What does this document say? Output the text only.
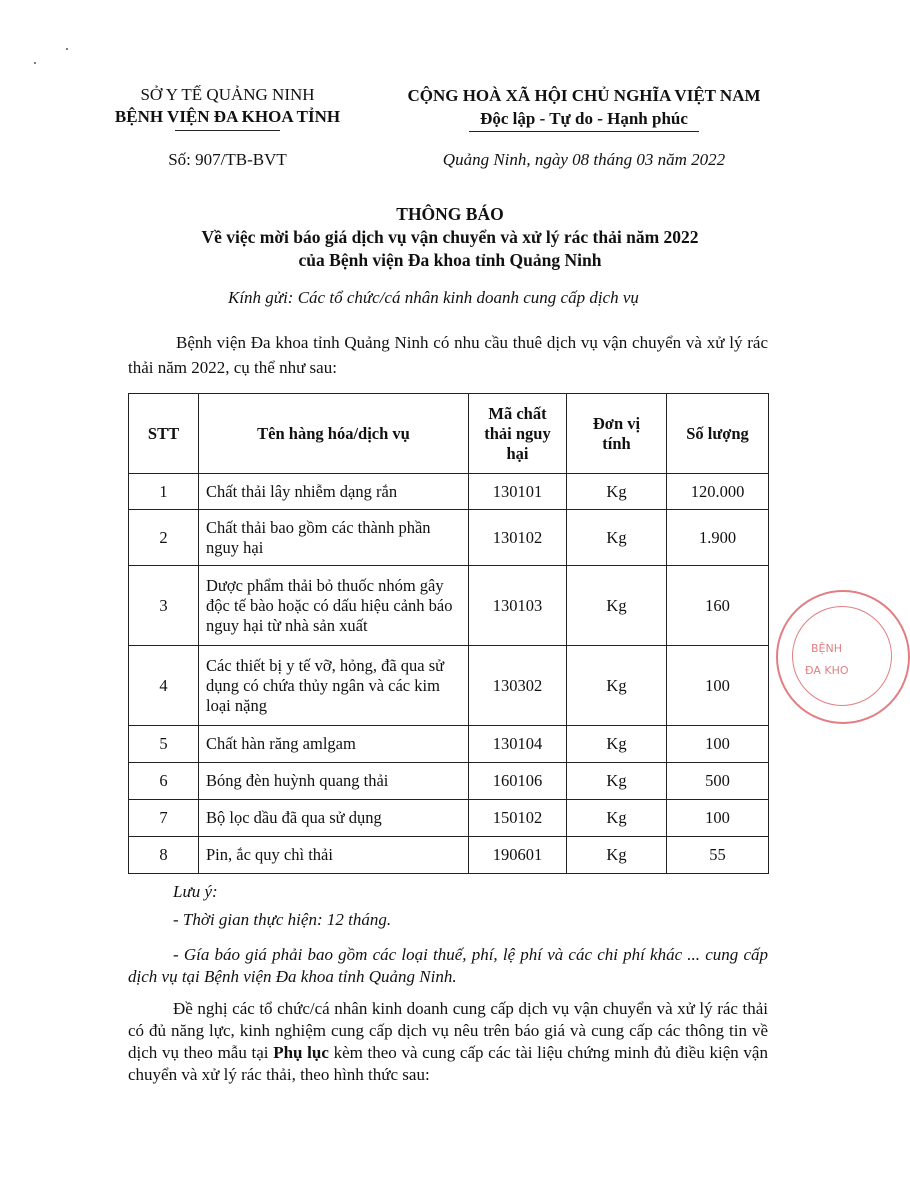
SỞ Y TẾ QUẢNG NINH
BỆNH VIỆN ĐA KHOA TỈNH
CỘNG HOÀ XÃ HỘI CHỦ NGHĨA VIỆT NAM
Độc lập - Tự do - Hạnh phúc
Số: 907/TB-BVT	Quảng Ninh, ngày 08 tháng 03 năm 2022
THÔNG BÁO
Về việc mời báo giá dịch vụ vận chuyển và xử lý rác thải năm 2022
của Bệnh viện Đa khoa tỉnh Quảng Ninh
Kính gửi: Các tổ chức/cá nhân kinh doanh cung cấp dịch vụ
Bệnh viện Đa khoa tỉnh Quảng Ninh có nhu cầu thuê dịch vụ vận chuyển và xử lý rác thải năm 2022, cụ thể như sau:
STT	Tên hàng hóa/dịch vụ	Mã chất thải nguy hại	Đơn vị tính	Số lượng
1	Chất thải lây nhiễm dạng rắn	130101	Kg	120.000
2	Chất thải bao gồm các thành phần nguy hại	130102	Kg	1.900
3	Dược phẩm thải bỏ thuốc nhóm gây độc tế bào hoặc có dấu hiệu cảnh báo nguy hại từ nhà sản xuất	130103	Kg	160
4	Các thiết bị y tế vỡ, hỏng, đã qua sử dụng có chứa thủy ngân và các kim loại nặng	130302	Kg	100
5	Chất hàn răng amlgam	130104	Kg	100
6	Bóng đèn huỳnh quang thải	160106	Kg	500
7	Bộ lọc dầu đã qua sử dụng	150102	Kg	100
8	Pin, ắc quy chì thải	190601	Kg	55
Lưu ý:
- Thời gian thực hiện: 12 tháng.
- Gía báo giá phải bao gồm các loại thuế, phí, lệ phí và các chi phí khác ... cung cấp dịch vụ tại Bệnh viện Đa khoa tỉnh Quảng Ninh.
Đề nghị các tổ chức/cá nhân kinh doanh cung cấp dịch vụ vận chuyển và xử lý rác thải có đủ năng lực, kinh nghiệm cung cấp dịch vụ nêu trên báo giá và cung cấp các thông tin về dịch vụ theo mẫu tại Phụ lục kèm theo và cung cấp các tài liệu chứng minh đủ điều kiện vận chuyển và xử lý rác thải, theo hình thức sau:
BỆNH
ĐA KHO
